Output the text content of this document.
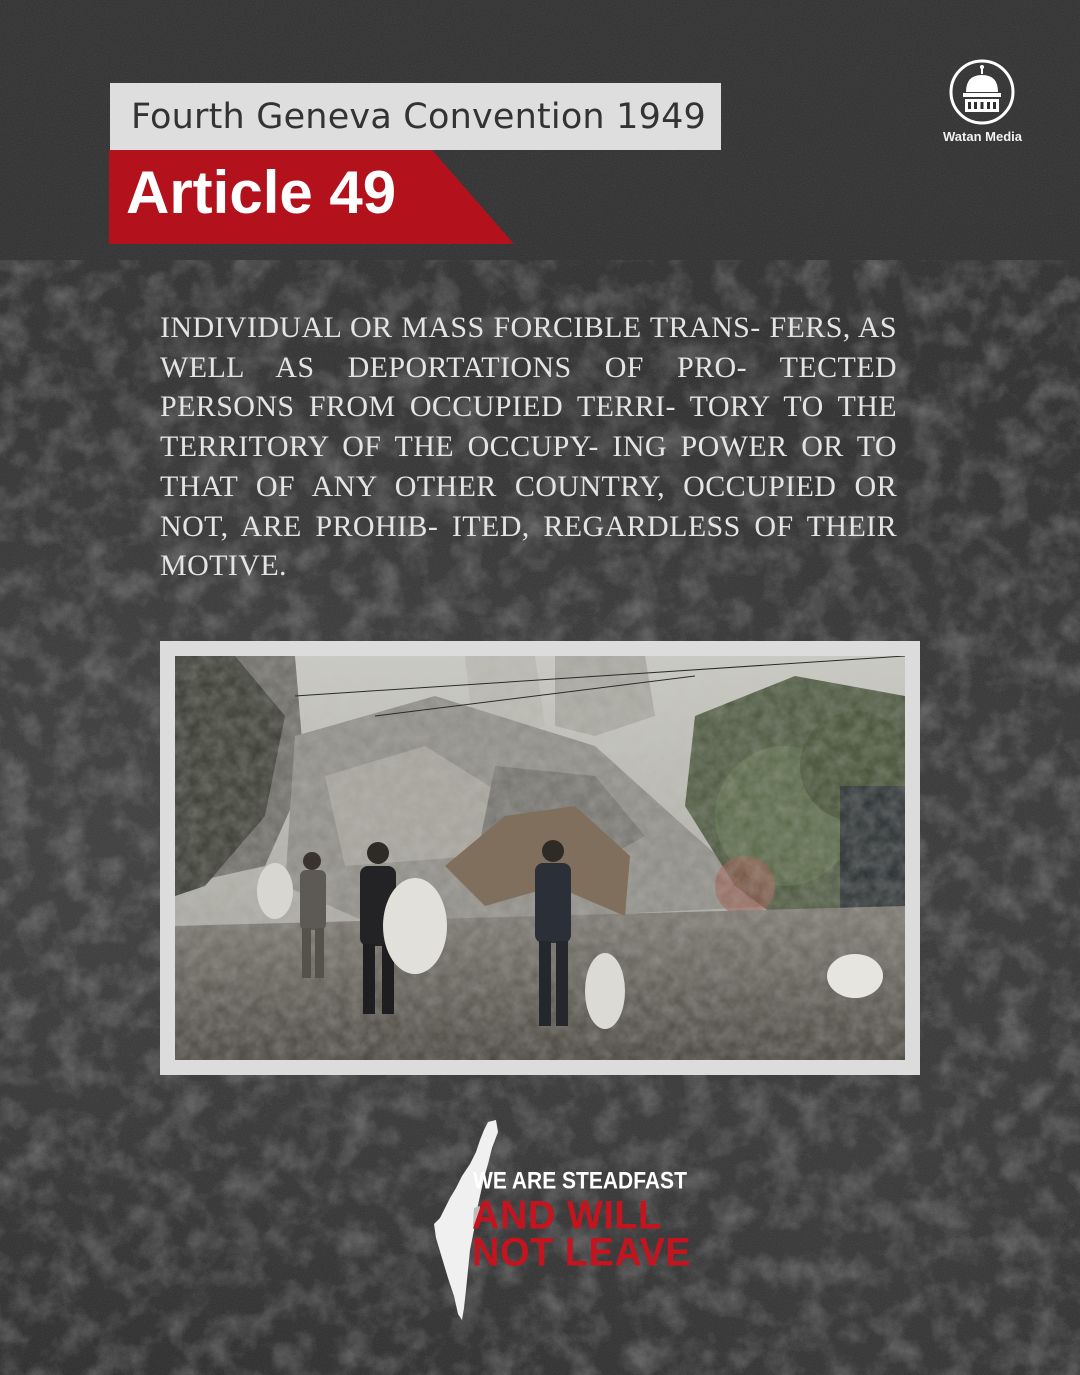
Fourth Geneva Convention 1949
Article 49
Watan Media

INDIVIDUAL OR MASS FORCIBLE TRANS- FERS, AS WELL AS DEPORTATIONS OF PRO- TECTED PERSONS FROM OCCUPIED TERRI- TORY TO THE TERRITORY OF THE OCCUPY- ING POWER OR TO THAT OF ANY OTHER COUNTRY, OCCUPIED OR NOT, ARE PROHIB- ITED, REGARDLESS OF THEIR MOTIVE.

WE ARE STEADFAST
AND WILL
NOT LEAVE
